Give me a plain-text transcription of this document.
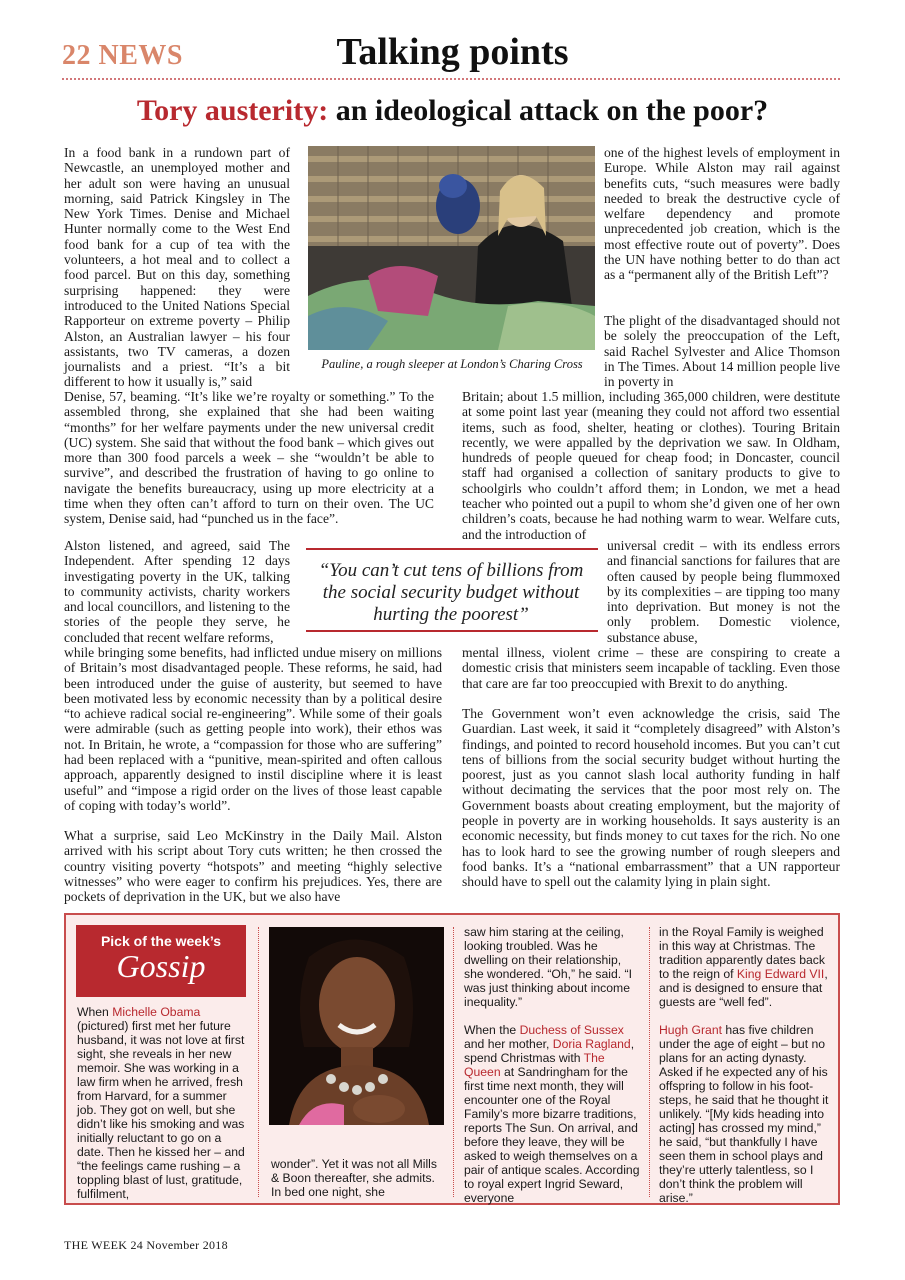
22 NEWS	Talking points
Tory austerity: an ideological attack on the poor?
In a food bank in a rundown part of Newcastle, an unemployed mother and her adult son were having an unusual morning, said Patrick Kingsley in The New York Times. Denise and Michael Hunter normally come to the West End food bank for a cup of tea with the volunteers, a hot meal and to collect a food parcel. But on this day, something surprising happened: they were introduced to the United Nations Special Rapporteur on extreme poverty – Philip Alston, an Australian lawyer – his four assistants, two TV cameras, a dozen journalists and a priest. “It’s a bit different to how it usually is,” said
Denise, 57, beaming. “It’s like we’re royalty or something.” To the assembled throng, she explained that she had been waiting “months” for her welfare payments under the new universal credit (UC) system. She said that without the food bank – which gives out more than 300 food parcels a week – she “wouldn’t be able to survive”, and described the frustration of having to go online to navigate the benefits bureaucracy, using up more electricity at a time when they often can’t afford to turn on their oven. The UC system, Denise said, had “punched us in the face”.
Alston listened, and agreed, said The Independent. After spending 12 days investigating poverty in the UK, talking to community activists, charity workers and local councillors, and listening to the stories of the people they serve, he concluded that recent welfare reforms,
while bringing some benefits, had inflicted undue misery on millions of Britain’s most disadvantaged people. These reforms, he said, had been introduced under the guise of austerity, but seemed to have been motivated less by economic necessity than by a political desire “to achieve radical social re-engineering”. While some of their goals were admirable (such as getting people into work), their ethos was not. In Britain, he wrote, a “compassion for those who are suffering” had been replaced with a “punitive, mean-spirited and often callous approach, apparently designed to instil discipline where it is least useful” and “impose a rigid order on the lives of those least capable of coping with today’s world”.
What a surprise, said Leo McKinstry in the Daily Mail. Alston arrived with his script about Tory cuts written; he then crossed the country visiting poverty “hotspots” and meeting “highly selective witnesses” who were eager to confirm his prejudices. Yes, there are pockets of deprivation in the UK, but we also have
Pauline, a rough sleeper at London’s Charing Cross
“You can’t cut tens of billions from the social security budget without hurting the poorest”
one of the highest levels of employment in Europe. While Alston may rail against benefits cuts, “such measures were badly needed to break the destructive cycle of welfare dependency and promote unprecedented job creation, which is the most effective route out of poverty”. Does the UN have nothing better to do than act as a “permanent ally of the British Left”?
The plight of the disadvantaged should not be solely the preoccupation of the Left, said Rachel Sylvester and Alice Thomson in The Times. About 14 million people live in poverty in
Britain; about 1.5 million, including 365,000 children, were destitute at some point last year (meaning they could not afford two essential items, such as food, shelter, heating or clothes). Touring Britain recently, we were appalled by the deprivation we saw. In Oldham, hundreds of people queued for cheap food; in Doncaster, council staff had organised a collection of sanitary products to give to schoolgirls who couldn’t afford them; in London, we met a head teacher who pointed out a pupil to whom she’d given one of her own children’s coats, because he had nothing warm to wear. Welfare cuts, and the introduction of
universal credit – with its endless errors and financial sanctions for failures that are often caused by people being flummoxed by its complexities – are tipping too many into deprivation. But money is not the only problem. Domestic violence, substance abuse,
mental illness, violent crime – these are conspiring to create a domestic crisis that ministers seem incapable of tackling. Even those that care are far too preoccupied with Brexit to do anything.
The Government won’t even acknowledge the crisis, said The Guardian. Last week, it said it “completely disagreed” with Alston’s findings, and pointed to record household incomes. But you can’t cut tens of billions from the social security budget without hurting the poorest, just as you cannot slash local authority funding in half without decimating the services that the poor most rely on. The Government boasts about creating employment, but the majority of people in poverty are in working households. It says austerity is an economic necessity, but finds money to cut taxes for the rich. No one has to look hard to see the growing number of rough sleepers and food banks. It’s a “national embarrassment” that a UN rapporteur should have to spell out the calamity lying in plain sight.
Pick of the week’s
Gossip
When Michelle Obama (pictured) first met her future husband, it was not love at first sight, she reveals in her new memoir. She was working in a law firm when he arrived, fresh from Harvard, for a summer job. They got on well, but she didn’t like his smoking and was initially reluctant to go on a date. Then he kissed her – and “the feelings came rushing – a toppling blast of lust, gratitude, fulfilment,
wonder”. Yet it was not all Mills & Boon thereafter, she admits. In bed one night, she
saw him staring at the ceiling, looking troubled. Was he dwelling on their relationship, she wondered. “Oh,” he said. “I was just thinking about income inequality.”
When the Duchess of Sussex and her mother, Doria Ragland, spend Christmas with The Queen at Sandringham for the first time next month, they will encounter one of the Royal Family’s more bizarre traditions, reports The Sun. On arrival, and before they leave, they will be asked to weigh themselves on a pair of antique scales. According to royal expert Ingrid Seward, everyone
in the Royal Family is weighed in this way at Christmas. The tradition apparently dates back to the reign of King Edward VII, and is designed to ensure that guests are “well fed”.
Hugh Grant has five children under the age of eight – but no plans for an acting dynasty. Asked if he expected any of his offspring to follow in his foot-steps, he said that he thought it unlikely. “[My kids heading into acting] has crossed my mind,” he said, “but thankfully I have seen them in school plays and they’re utterly talentless, so I don’t think the problem will arise.”
THE WEEK 24 November 2018
